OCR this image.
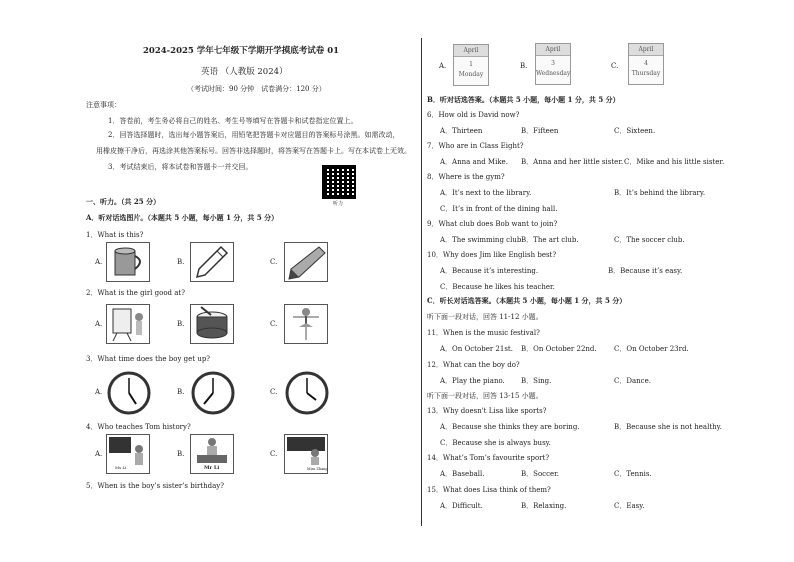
2024-2025 学年七年级下学期开学摸底考试卷 01
英语 （人教版 2024）
（考试时间：90 分钟　试卷满分：120 分）
注意事项：
1．答卷前，考生务必将自己的姓名、考生号等填写在答题卡和试卷指定位置上。
2．回答选择题时，选出每小题答案后，用铅笔把答题卡对应题目的答案标号涂黑。如需改动，
用橡皮擦干净后，再选涂其他答案标号。回答非选择题时，将答案写在答题卡上。写在本试卷上无效。
3．考试结束后，将本试卷和答题卡一并交回。
听力
一、听力。（共 25 分）
A．听对话选图片。（本题共 5 小题，每小题 1 分，共 5 分）
1．What is this?
A.	B.	C.
2．What is the girl good at?
A.	B.	C.
3．What time does the boy get up?
A.	B.	C.
4．Who teaches Tom history?
A.
Ms Li
B.
Mr Li
C.
Miss Zhang
5．When is the boy’s sister’s birthday?
A.
April
1
Monday
B.
April
3
Wednesday
C.
April
4
Thursday
B．听对话选答案。（本题共 5 小题，每小题 1 分，共 5 分）
6．How old is David now?
A．Thirteen	B．Fifteen	C．Sixteen.
7．Who are in Class Eight?
A．Anna and Mike. B．Anna and her little sister. C．Mike and his little sister.
8．Where is the gym?
A．It’s next to the library.	B．It’s behind the library.
C．It’s in front of the dining hall.
9．What club does Bob want to join?
A．The swimming club B．The art club.	C．The soccer club.
10．Why does Jim like English best?
A．Because it’s interesting.	B．Because it’s easy.
C．Because he likes his teacher.
C．听长对话选答案。（本题共 5 小题，每小题 1 分，共 5 分）
听下面一段对话，回答 11-12 小题。
11．When is the music festival?
A．On October 21st. B．On October 22nd. C．On October 23rd.
12．What can the boy do?
A．Play the piano. B．Sing.	C．Dance.
听下面一段对话，回答 13-15 小题。
13．Why doesn't Lisa like sports?
A．Because she thinks they are boring.	B．Because she is not healthy.
C．Because she is always busy.
14．What’s Tom’s favourite sport?
A．Baseball.	B．Soccer.	C．Tennis.
15．What does Lisa think of them?
A．Difficult.	B．Relaxing.	C．Easy.
